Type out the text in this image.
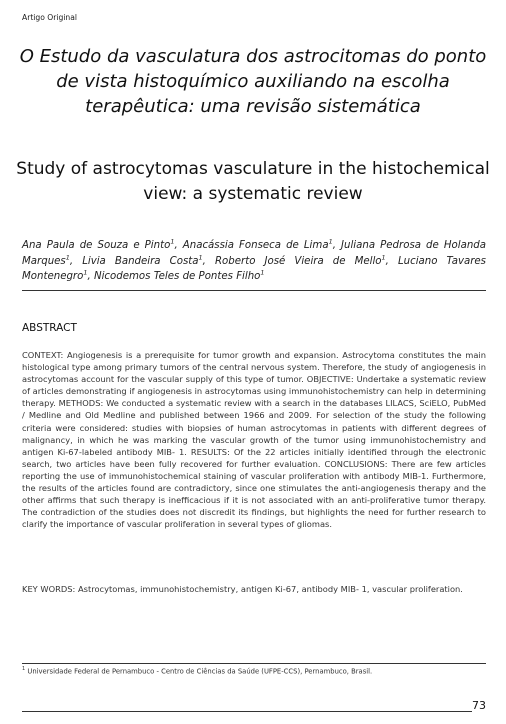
Artigo Original
O Estudo da vasculatura dos astrocitomas do ponto de vista histoquímico auxiliando na escolha terapêutica: uma revisão sistemática
Study of astrocytomas vasculature in the histochemical view: a systematic review
Ana Paula de Souza e Pinto$^1$, Anacássia Fonseca de Lima$^1$, Juliana Pedrosa de Holanda Marques$^1$, Livia Bandeira Costa$^1$, Roberto José Vieira de Mello$^1$, Luciano Tavares Montenegro$^1$, Nicodemos Teles de Pontes Filho$^1$
ABSTRACT
CONTEXT: Angiogenesis is a prerequisite for tumor growth and expansion. Astrocytoma constitutes the main histological type among primary tumors of the central nervous system. Therefore, the study of angiogenesis in astrocytomas account for the vascular supply of this type of tumor. OBJECTIVE: Undertake a systematic review of articles demonstrating if angiogenesis in astrocytomas using immunohistochemistry can help in determining therapy. METHODS: We conducted a systematic review with a search in the databases LILACS, SciELO, PubMed / Medline and Old Medline and published between 1966 and 2009. For selection of the study the following criteria were considered: studies with biopsies of human astrocytomas in patients with different degrees of malignancy, in which he was marking the vascular growth of the tumor using immunohistochemistry and antigen Ki-67-labeled antibody MIB- 1. RESULTS: Of the 22 articles initially identified through the electronic search, two articles have been fully recovered for further evaluation. CONCLUSIONS: There are few articles reporting the use of immunohistochemical staining of vascular proliferation with antibody MIB-1. Furthermore, the results of the articles found are contradictory, since one stimulates the anti-angiogenesis therapy and the other affirms that such therapy is inefficacious if it is not associated with an anti-proliferative tumor therapy. The contradiction of the studies does not discredit its findings, but highlights the need for further research to clarify the importance of vascular proliferation in several types of gliomas.
KEY WORDS: Astrocytomas, immunohistochemistry, antigen Ki-67, antibody MIB- 1, vascular proliferation.
$^1$ Universidade Federal de Pernambuco - Centro de Ciências da Saúde (UFPE-CCS), Pernambuco, Brasil.
73
